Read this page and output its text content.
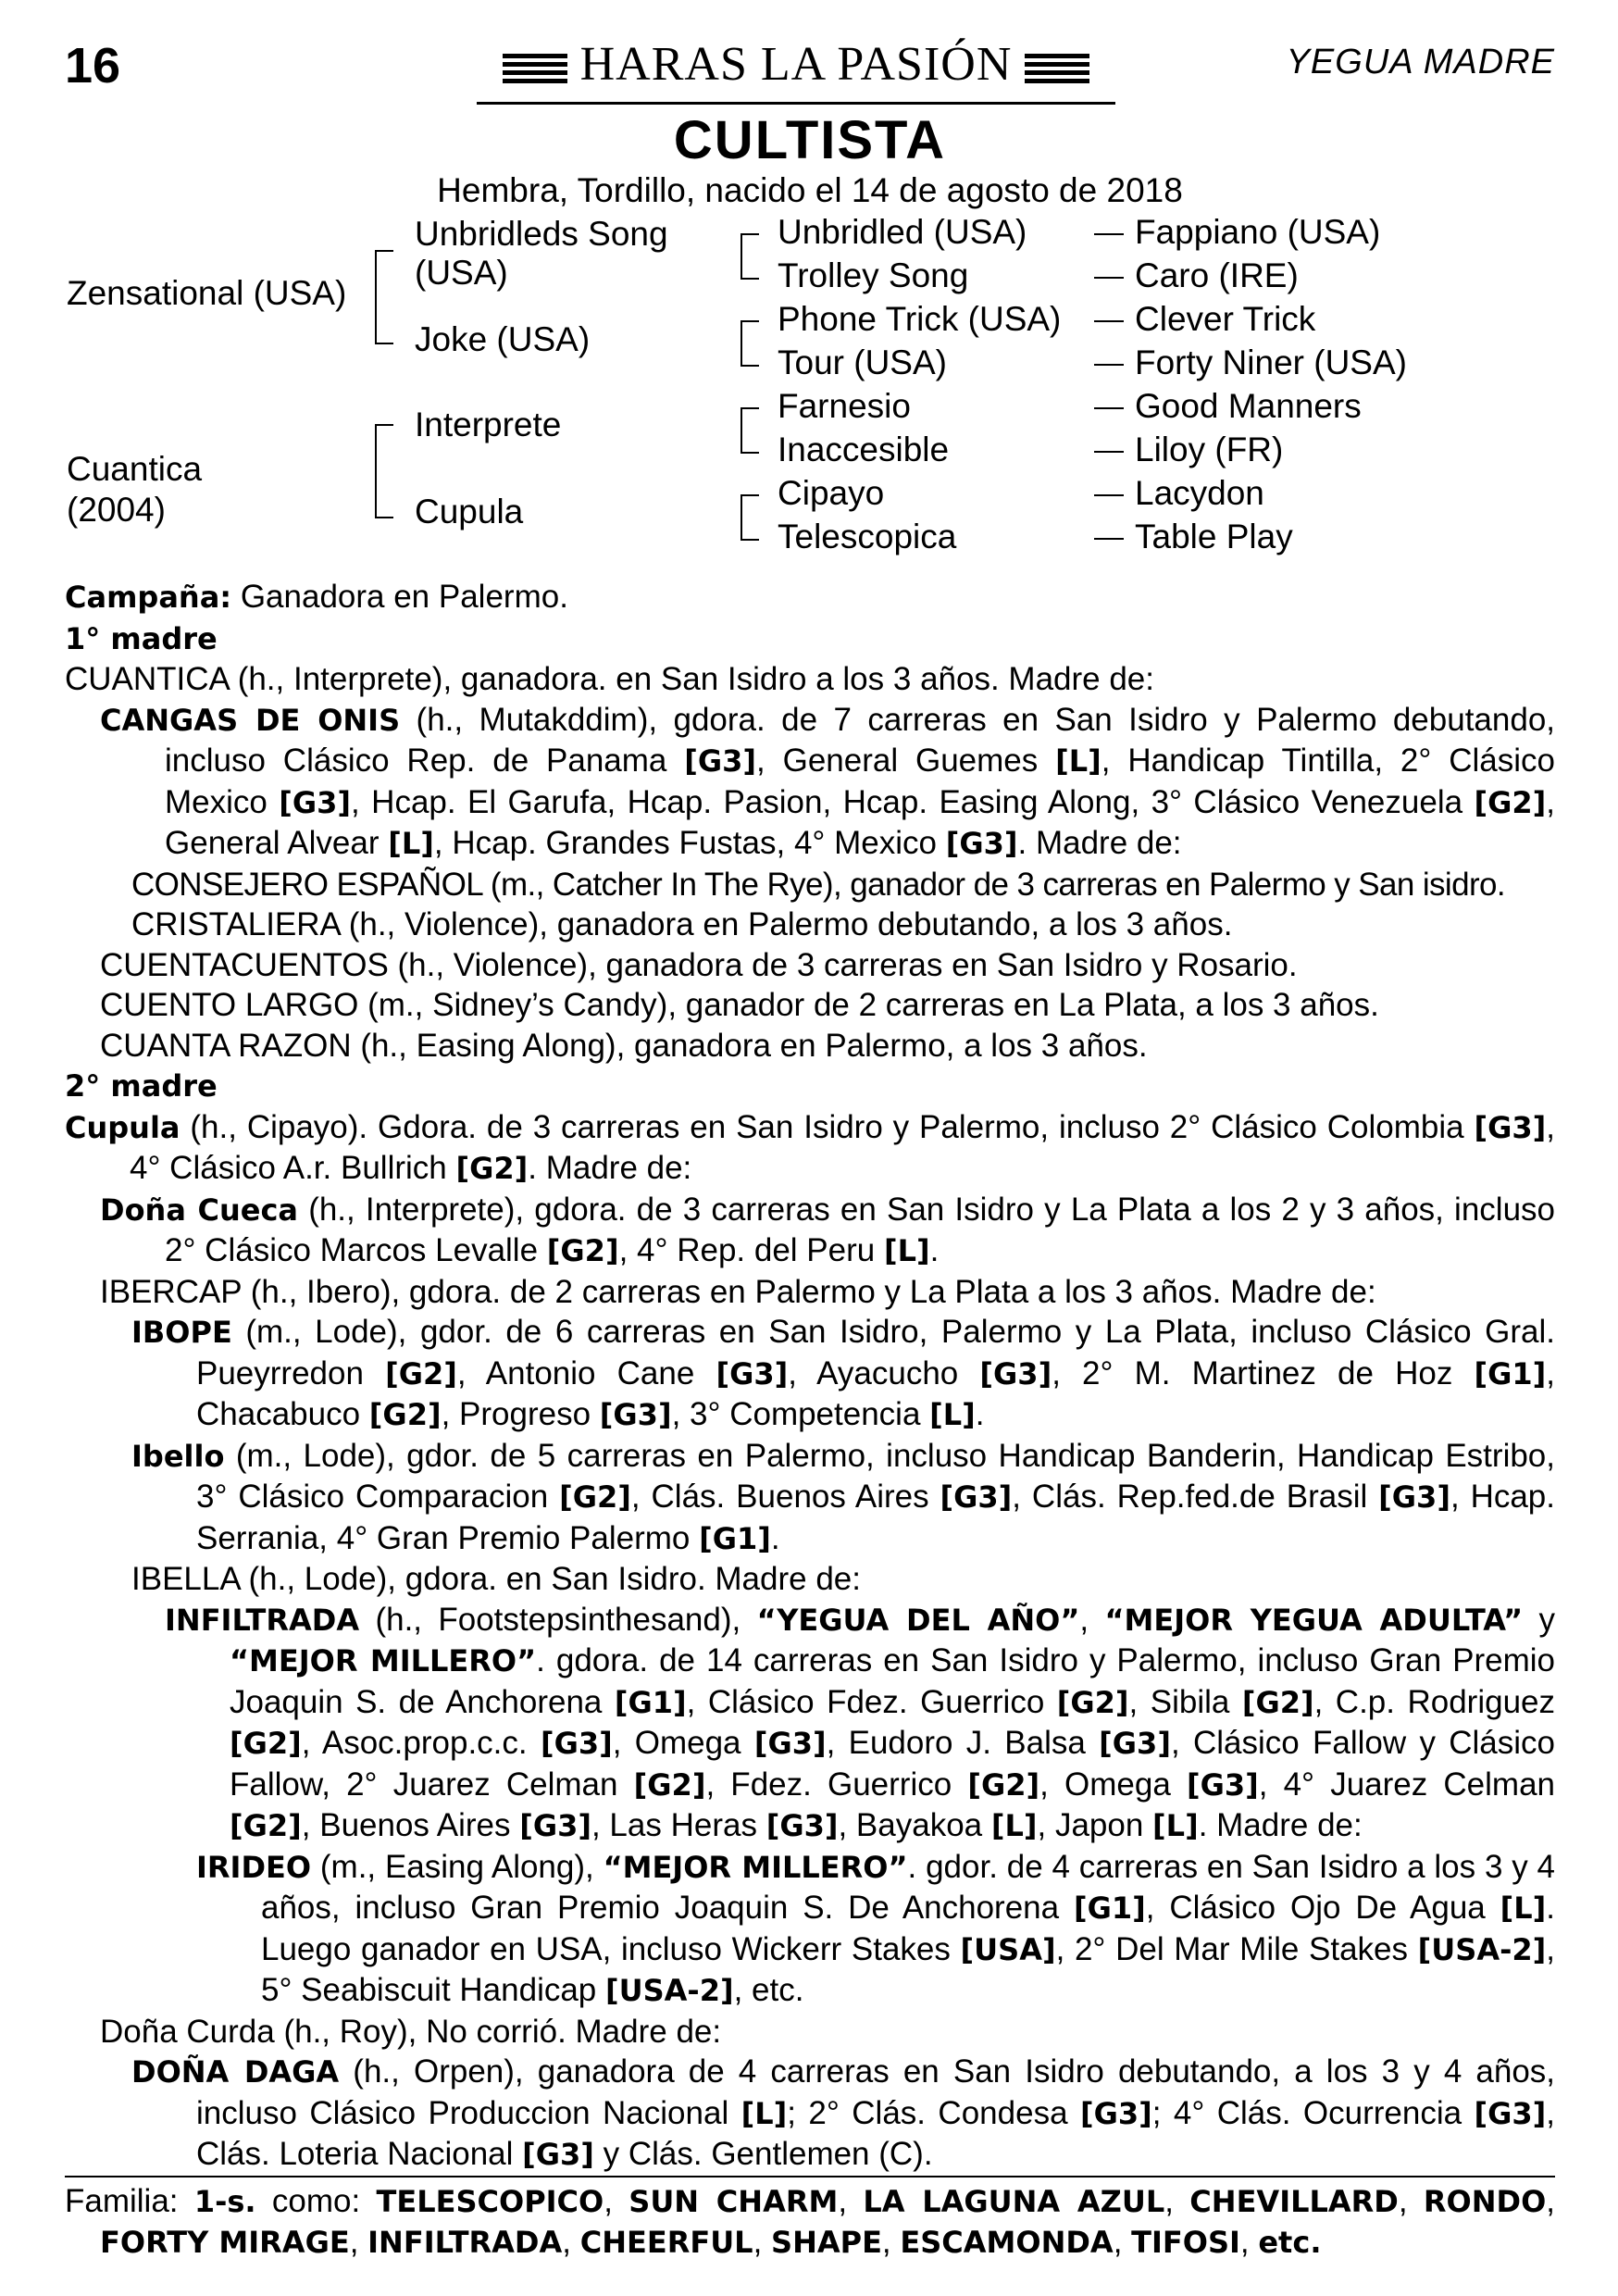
16	HARAS LA PASIÓN	YEGUA MADRE
CULTISTA
Hembra, Tordillo, nacido el 14 de agosto de 2018
Zensational (USA)
Cuantica
(2004)
Unbridleds Song
(USA)
Joke (USA)
Interprete
Cupula
Unbridled (USA)
Trolley Song
Phone Trick (USA)
Tour (USA)
Farnesio
Inaccesible
Cipayo
Telescopica
Fappiano (USA)
Caro (IRE)
Clever Trick
Forty Niner (USA)
Good Manners
Liloy (FR)
Lacydon
Table Play

Campaña: Ganadora en Palermo.

1° madre

CUANTICA (h., Interprete), ganadora. en San Isidro a los 3 años. Madre de:

CANGAS DE ONIS (h., Mutakddim), gdora. de 7 carreras en San Isidro y Palermo debutando, incluso Clásico Rep. de Panama [G3], General Guemes [L], Handicap Tintilla, 2° Clásico Mexico [G3], Hcap. El Garufa, Hcap. Pasion, Hcap. Easing Along, 3° Clásico Venezuela [G2], General Alvear [L], Hcap. Grandes Fustas, 4° Mexico [G3]. Madre de:

CONSEJERO ESPAÑOL (m., Catcher In The Rye), ganador de 3 carreras en Palermo y San isidro.

CRISTALIERA (h., Violence), ganadora en Palermo debutando, a los 3 años.

CUENTACUENTOS (h., Violence), ganadora de 3 carreras en San Isidro y Rosario.

CUENTO LARGO (m., Sidney’s Candy), ganador de 2 carreras en La Plata, a los 3 años.

CUANTA RAZON (h., Easing Along), ganadora en Palermo, a los 3 años.

2° madre

Cupula (h., Cipayo). Gdora. de 3 carreras en San Isidro y Palermo, incluso 2° Clásico Colombia [G3], 4° Clásico A.r. Bullrich [G2]. Madre de:

Doña Cueca (h., Interprete), gdora. de 3 carreras en San Isidro y La Plata a los 2 y 3 años, incluso 2° Clásico Marcos Levalle [G2], 4° Rep. del Peru [L].

IBERCAP (h., Ibero), gdora. de 2 carreras en Palermo y La Plata a los 3 años. Madre de:

IBOPE (m., Lode), gdor. de 6 carreras en San Isidro, Palermo y La Plata, incluso Clásico Gral. Pueyrredon [G2], Antonio Cane [G3], Ayacucho [G3], 2° M. Martinez de Hoz [G1], Chacabuco [G2], Progreso [G3], 3° Competencia [L].

Ibello (m., Lode), gdor. de 5 carreras en Palermo, incluso Handicap Banderin, Handicap Estribo, 3° Clásico Comparacion [G2], Clás. Buenos Aires [G3], Clás. Rep.fed.de Brasil [G3], Hcap. Serrania, 4° Gran Premio Palermo [G1].

IBELLA (h., Lode), gdora. en San Isidro. Madre de:

INFILTRADA (h., Footstepsinthesand), “YEGUA DEL AÑO”, “MEJOR YEGUA ADULTA” y “MEJOR MILLERO”. gdora. de 14 carreras en San Isidro y Palermo, incluso Gran Premio Joaquin S. de Anchorena [G1], Clásico Fdez. Guerrico [G2], Sibila [G2], C.p. Rodriguez [G2], Asoc.prop.c.c. [G3], Omega [G3], Eudoro J. Balsa [G3], Clásico Fallow y Clásico Fallow, 2° Juarez Celman [G2], Fdez. Guerrico [G2], Omega [G3], 4° Juarez Celman [G2], Buenos Aires [G3], Las Heras [G3], Bayakoa [L], Japon [L]. Madre de:

IRIDEO (m., Easing Along), “MEJOR MILLERO”. gdor. de 4 carreras en San Isidro a los 3 y 4 años, incluso Gran Premio Joaquin S. De Anchorena [G1], Clásico Ojo De Agua [L]. Luego ganador en USA, incluso Wickerr Stakes [USA], 2° Del Mar Mile Stakes [USA-2], 5° Seabiscuit Handicap [USA-2], etc.

Doña Curda (h., Roy), No corrió. Madre de:

DOÑA DAGA (h., Orpen), ganadora de 4 carreras en San Isidro debutando, a los 3 y 4 años, incluso Clásico Produccion Nacional [L]; 2° Clás. Condesa [G3]; 4° Clás. Ocurrencia [G3], Clás. Loteria Nacional [G3] y Clás. Gentlemen (C).

Familia: 1-s. como: TELESCOPICO, SUN CHARM, LA LAGUNA AZUL, CHEVILLARD, RONDO, FORTY MIRAGE, INFILTRADA, CHEERFUL, SHAPE, ESCAMONDA, TIFOSI, etc.
